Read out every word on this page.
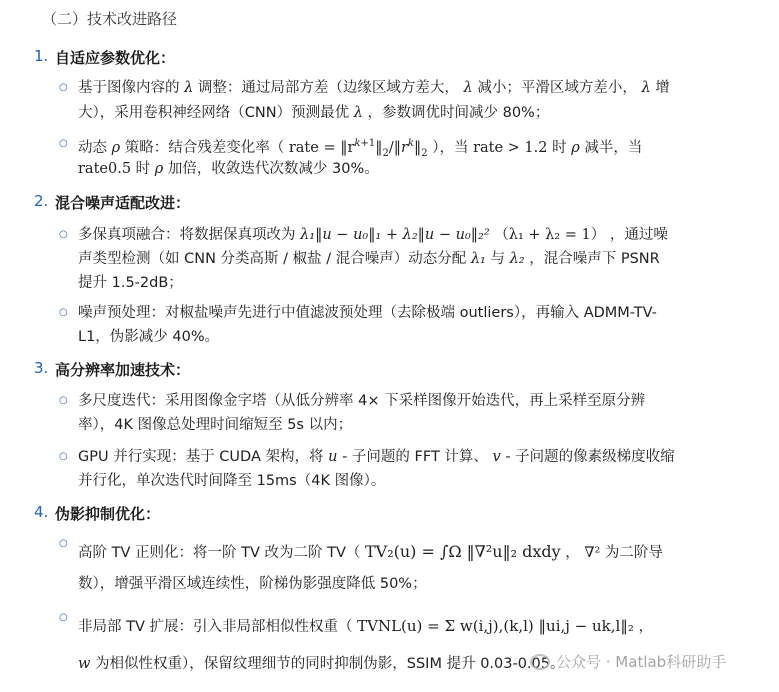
（二）技术改进路径
1. 自适应参数优化：
○ 基于图像内容的 λ 调整：通过局部方差（边缘区域方差大， λ 减小；平滑区域方差小， λ 增
大），采用卷积神经网络（CNN）预测最优 λ ，参数调优时间减少 80%；
○ 动态 ρ 策略：结合残差变化率（ rate = $‖r^{k+1}‖_2/‖r^k‖_2$ ），当 rate > 1.2 时 ρ 减半，当
rate0.5 时 ρ 加倍，收敛迭代次数减少 30%。
2. 混合噪声适配改进：
○ 多保真项融合：将数据保真项改为 λ₁‖u − u₀‖₁ + λ₂‖u − u₀‖₂² （λ₁ + λ₂ = 1） ，通过噪
声类型检测（如 CNN 分类高斯 / 椒盐 / 混合噪声）动态分配 λ₁ 与 λ₂ ，混合噪声下 PSNR
提升 1.5-2dB；
○ 噪声预处理：对椒盐噪声先进行中值滤波预处理（去除极端 outliers），再输入 ADMM-TV-
L1，伪影减少 40%。
3. 高分辨率加速技术：
○ 多尺度迭代：采用图像金字塔（从低分辨率 4× 下采样图像开始迭代，再上采样至原分辨
率），4K 图像总处理时间缩短至 5s 以内；
○ GPU 并行实现：基于 CUDA 架构，将 u - 子问题的 FFT 计算、 v - 子问题的像素级梯度收缩
并行化，单次迭代时间降至 15ms（4K 图像）。
4. 伪影抑制优化：
○
高阶 TV 正则化：将一阶 TV 改为二阶 TV（ TV₂(u) = ∫Ω ‖∇²u‖₂ dxdy ， ∇² 为二阶导
数），增强平滑区域连续性，阶梯伪影强度降低 50%；
○
非局部 TV 扩展：引入非局部相似性权重（ TVNL(u) = Σ w(i,j),(k,l) ‖ui,j − uk,l‖₂ ，
w 为相似性权重），保留纹理细节的同时抑制伪影，SSIM 提升 0.03-0.05。
公众号 · Matlab科研助手
